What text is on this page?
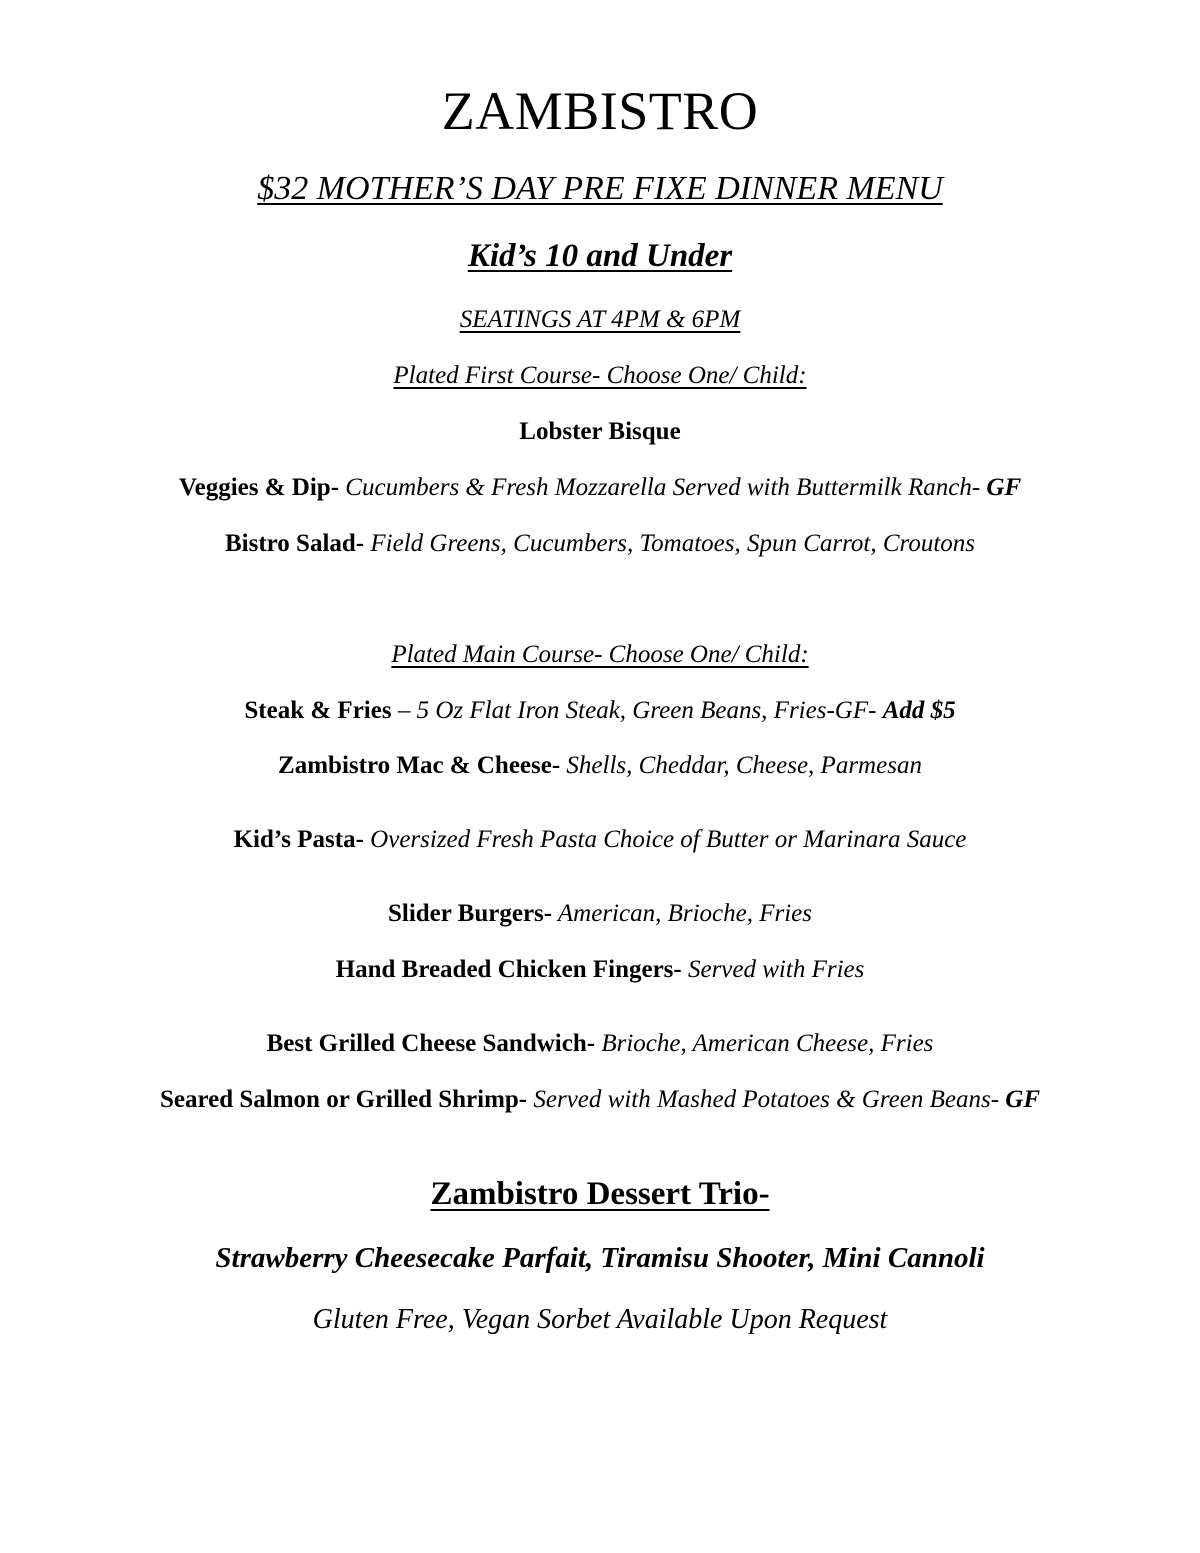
ZAMBISTRO
$32 MOTHER’S DAY PRE FIXE DINNER MENU
Kid’s 10 and Under
SEATINGS AT 4PM & 6PM
Plated First Course- Choose One/ Child:
Lobster Bisque
Veggies & Dip- Cucumbers & Fresh Mozzarella Served with Buttermilk Ranch- GF
Bistro Salad- Field Greens, Cucumbers, Tomatoes, Spun Carrot, Croutons
Plated Main Course- Choose One/ Child:
Steak & Fries – 5 Oz Flat Iron Steak, Green Beans, Fries-GF- Add $5
Zambistro Mac & Cheese- Shells, Cheddar, Cheese, Parmesan
Kid’s Pasta- Oversized Fresh Pasta Choice of Butter or Marinara Sauce
Slider Burgers- American, Brioche, Fries
Hand Breaded Chicken Fingers- Served with Fries
Best Grilled Cheese Sandwich- Brioche, American Cheese, Fries
Seared Salmon or Grilled Shrimp- Served with Mashed Potatoes & Green Beans- GF
Zambistro Dessert Trio-
Strawberry Cheesecake Parfait, Tiramisu Shooter, Mini Cannoli
Gluten Free, Vegan Sorbet Available Upon Request
